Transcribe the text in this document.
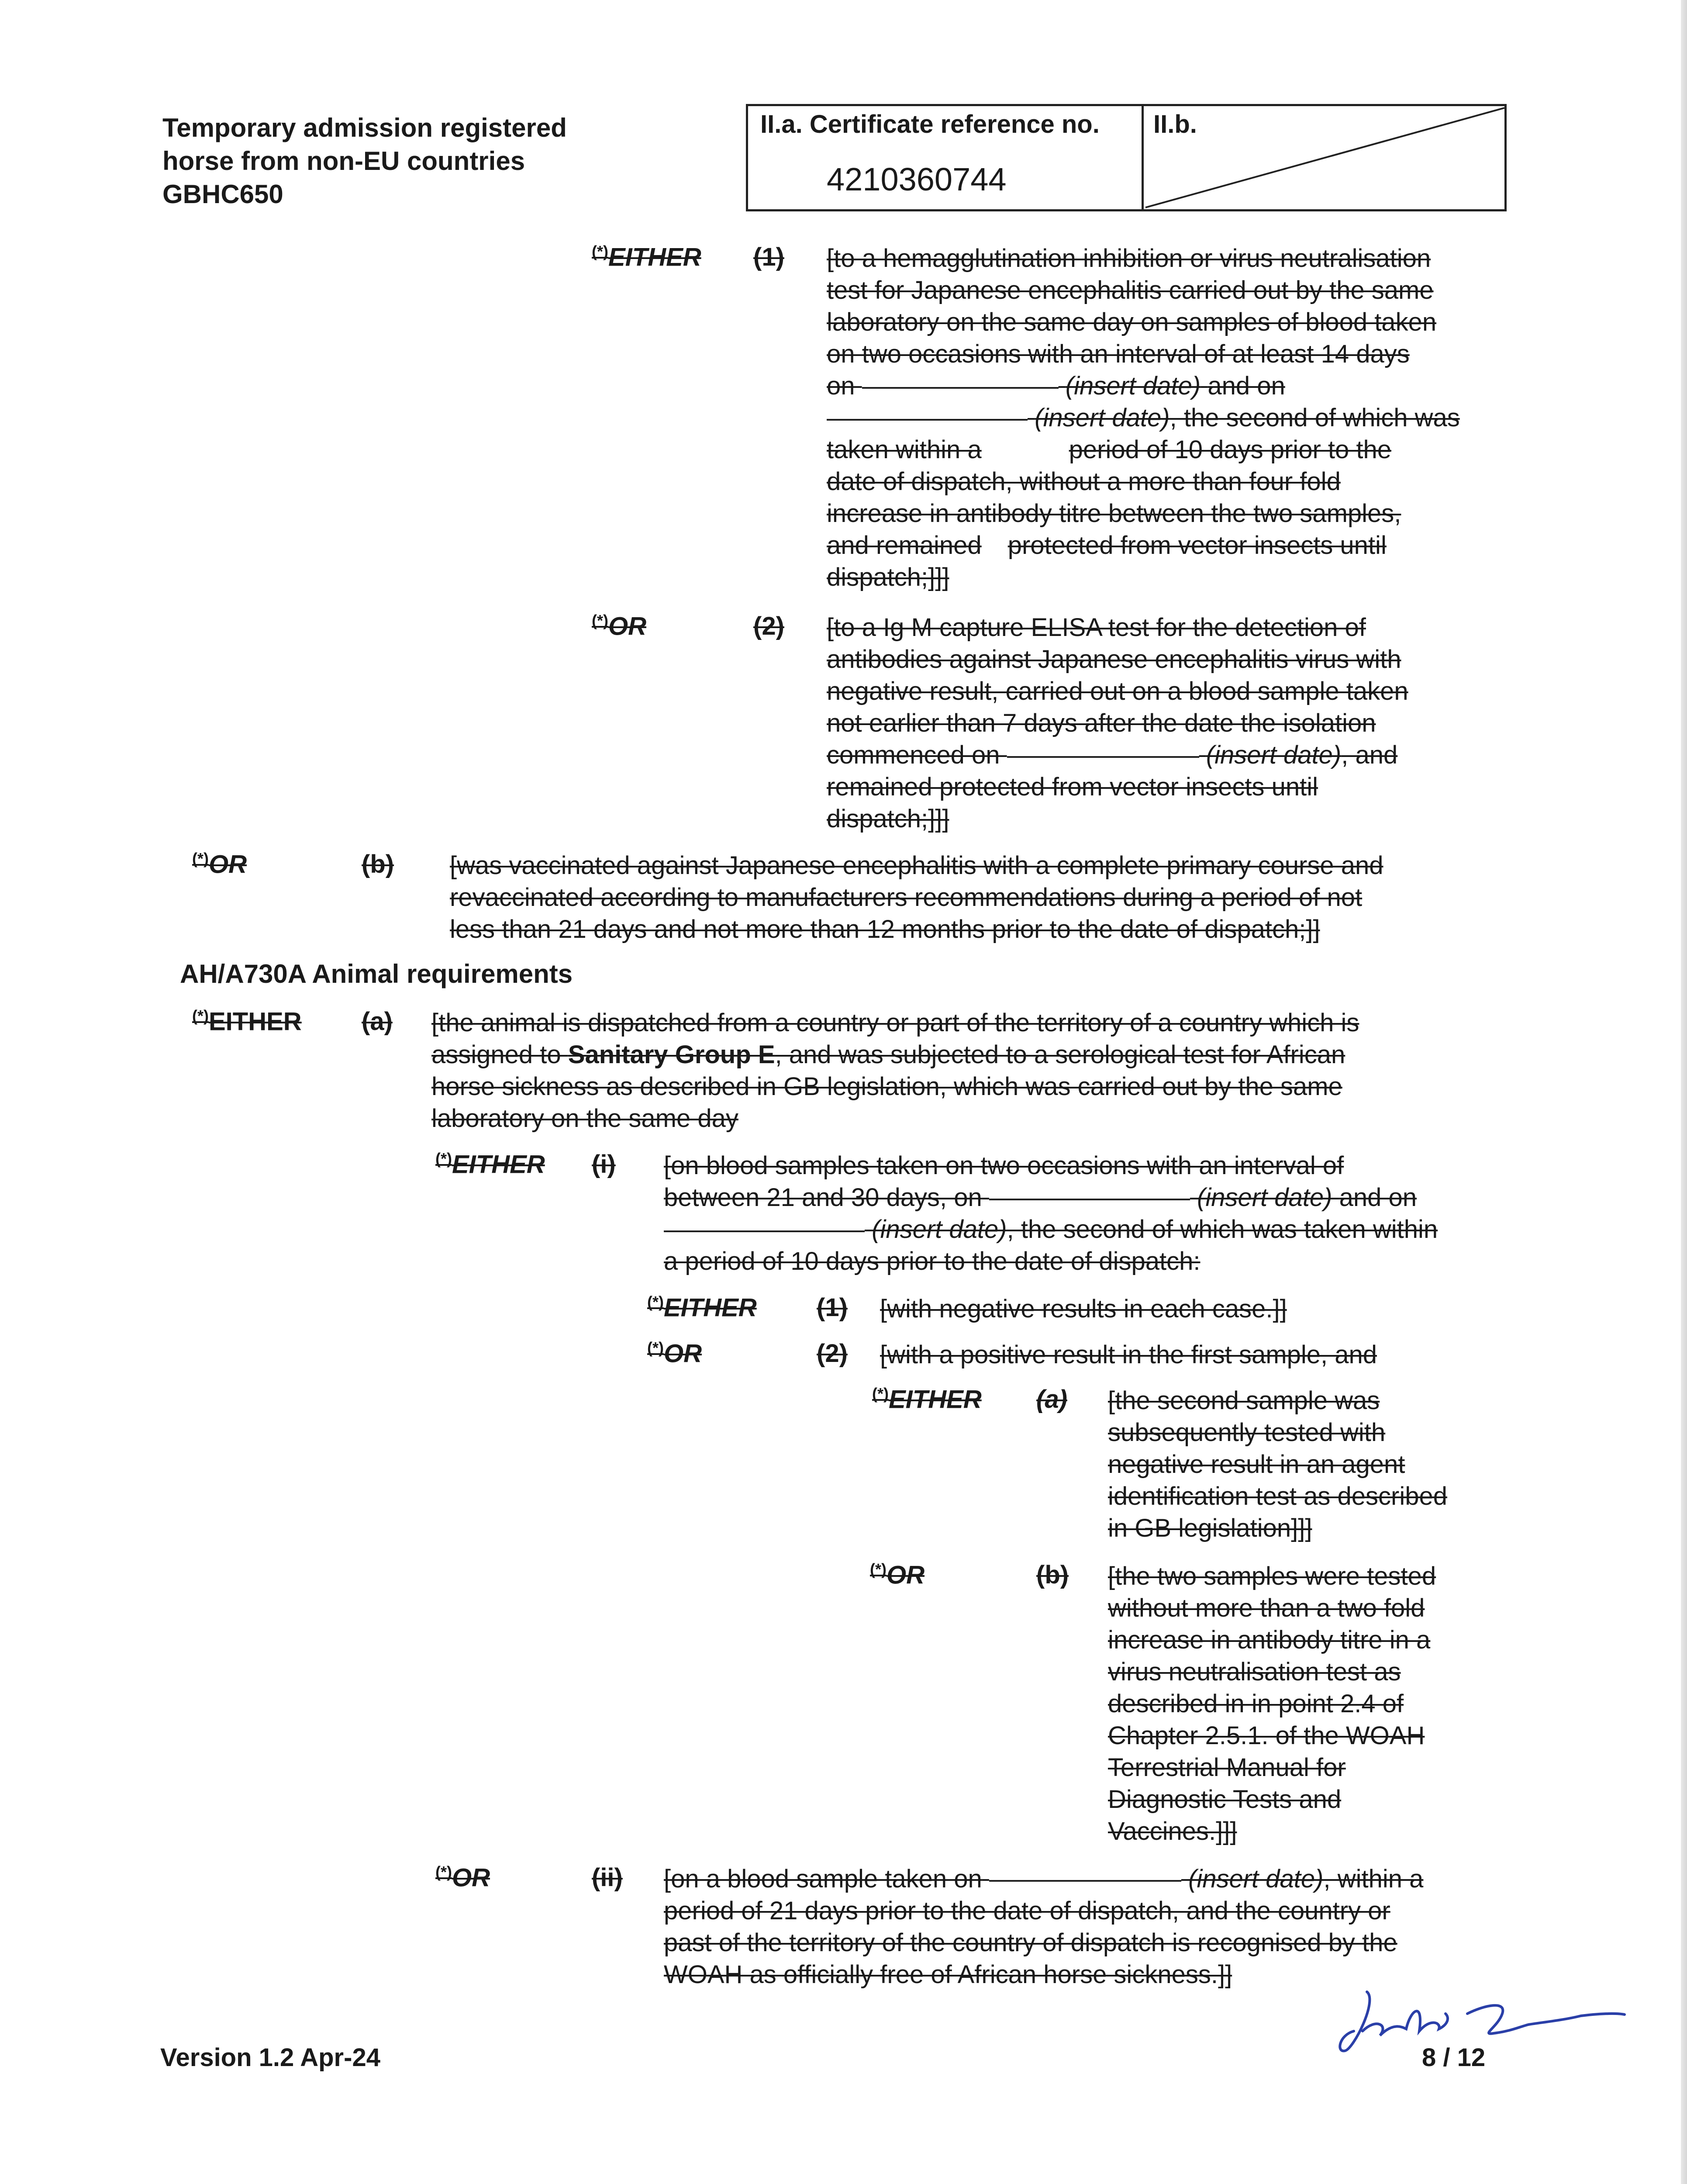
Temporary admission registered
horse from non-EU countries
GBHC650
II.a. Certificate reference no.
4210360744
II.b.
(*)EITHER (1) [to a hemagglutination inhibition or virus neutralisation
test for Japanese encephalitis carried out by the same
laboratory on the same day on samples of blood taken
on two occasions with an interval of at least 14 days
on	(insert date) and on
(insert date), the second of which was
taken within a	period of 10 days prior to the
date of dispatch, without a more than four fold
increase in antibody titre between the two samples,
and remained protected from vector insects until
dispatch;]]]
(*)OR	(2) [to a Ig M capture ELISA test for the detection of
antibodies against Japanese encephalitis virus with
negative result, carried out on a blood sample taken
not earlier than 7 days after the date the isolation
commenced on	(insert date), and
remained protected from vector insects until
dispatch;]]]
(*)OR	(b) [was vaccinated against Japanese encephalitis with a complete primary course and
revaccinated according to manufacturers recommendations during a period of not
less than 21 days and not more than 12 months prior to the date of dispatch;]]
AH/A730A Animal requirements
(*)EITHER (a) [the animal is dispatched from a country or part of the territory of a country which is
assigned to Sanitary Group E, and was subjected to a serological test for African
horse sickness as described in GB legislation, which was carried out by the same
laboratory on the same day
(*)EITHER (i) [on blood samples taken on two occasions with an interval of
between 21 and 30 days, on	(insert date) and on
(insert date), the second of which was taken within
a period of 10 days prior to the date of dispatch:
(*)EITHER (1) [with negative results in each case.]]
(*)OR	(2) [with a positive result in the first sample, and
(*)EITHER (a) [the second sample was
subsequently tested with
negative result in an agent
identification test as described
in GB legislation]]]
(*)OR	(b) [the two samples were tested
without more than a two fold
increase in antibody titre in a
virus neutralisation test as
described in in point 2.4 of
Chapter 2.5.1. of the WOAH
Terrestrial Manual for
Diagnostic Tests and
Vaccines.]]]
(*)OR	(ii) [on a blood sample taken on	(insert date), within a
period of 21 days prior to the date of dispatch, and the country or
past of the territory of the country of dispatch is recognised by the
WOAH as officially free of African horse sickness.]]
Version 1.2 Apr-24	8 / 12
